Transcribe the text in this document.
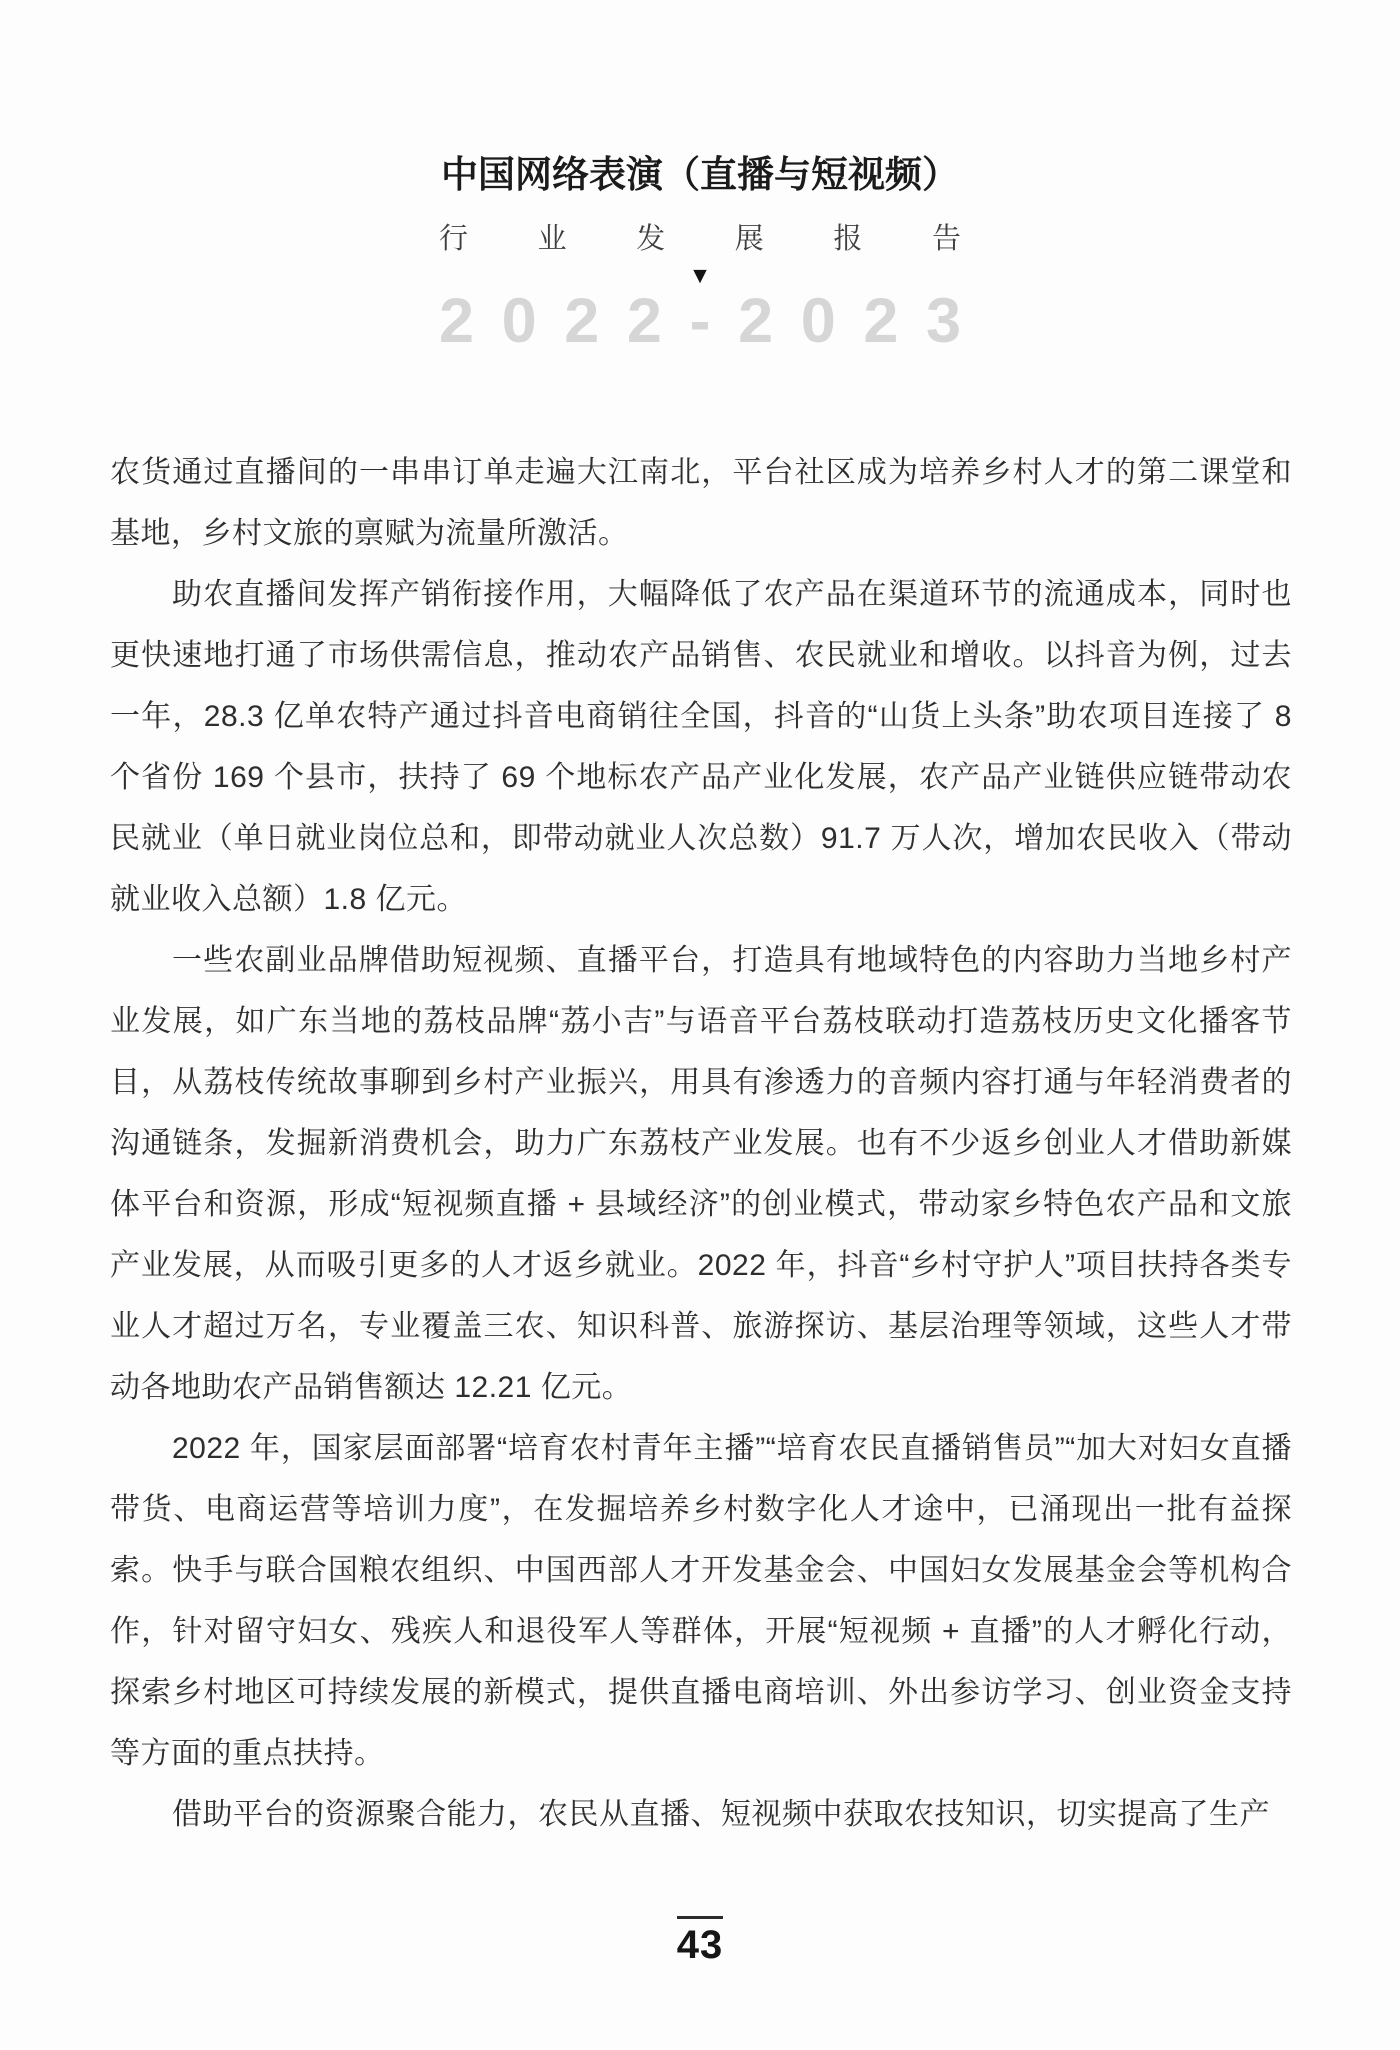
中国网络表演（直播与短视频）
行 业 发 展 报 告
▼
2 0 2 2 - 2 0 2 3

农货通过直播间的一串串订单走遍大江南北，平台社区成为培养乡村人才的第二课堂和基地，乡村文旅的禀赋为流量所激活。

助农直播间发挥产销衔接作用，大幅降低了农产品在渠道环节的流通成本，同时也更快速地打通了市场供需信息，推动农产品销售、农民就业和增收。以抖音为例，过去一年，28.3 亿单农特产通过抖音电商销往全国，抖音的“山货上头条”助农项目连接了 8 个省份 169 个县市，扶持了 69 个地标农产品产业化发展，农产品产业链供应链带动农民就业（单日就业岗位总和，即带动就业人次总数）91.7 万人次，增加农民收入（带动就业收入总额）1.8 亿元。

一些农副业品牌借助短视频、直播平台，打造具有地域特色的内容助力当地乡村产业发展，如广东当地的荔枝品牌“荔小吉”与语音平台荔枝联动打造荔枝历史文化播客节目，从荔枝传统故事聊到乡村产业振兴，用具有渗透力的音频内容打通与年轻消费者的沟通链条，发掘新消费机会，助力广东荔枝产业发展。也有不少返乡创业人才借助新媒体平台和资源，形成“短视频直播 + 县域经济”的创业模式，带动家乡特色农产品和文旅产业发展，从而吸引更多的人才返乡就业。2022 年，抖音“乡村守护人”项目扶持各类专业人才超过万名，专业覆盖三农、知识科普、旅游探访、基层治理等领域，这些人才带动各地助农产品销售额达 12.21 亿元。

2022 年，国家层面部署“培育农村青年主播”“培育农民直播销售员”“加大对妇女直播带货、电商运营等培训力度”，在发掘培养乡村数字化人才途中，已涌现出一批有益探索。快手与联合国粮农组织、中国西部人才开发基金会、中国妇女发展基金会等机构合作，针对留守妇女、残疾人和退役军人等群体，开展“短视频 + 直播”的人才孵化行动，探索乡村地区可持续发展的新模式，提供直播电商培训、外出参访学习、创业资金支持等方面的重点扶持。

借助平台的资源聚合能力，农民从直播、短视频中获取农技知识，切实提高了生产

43
